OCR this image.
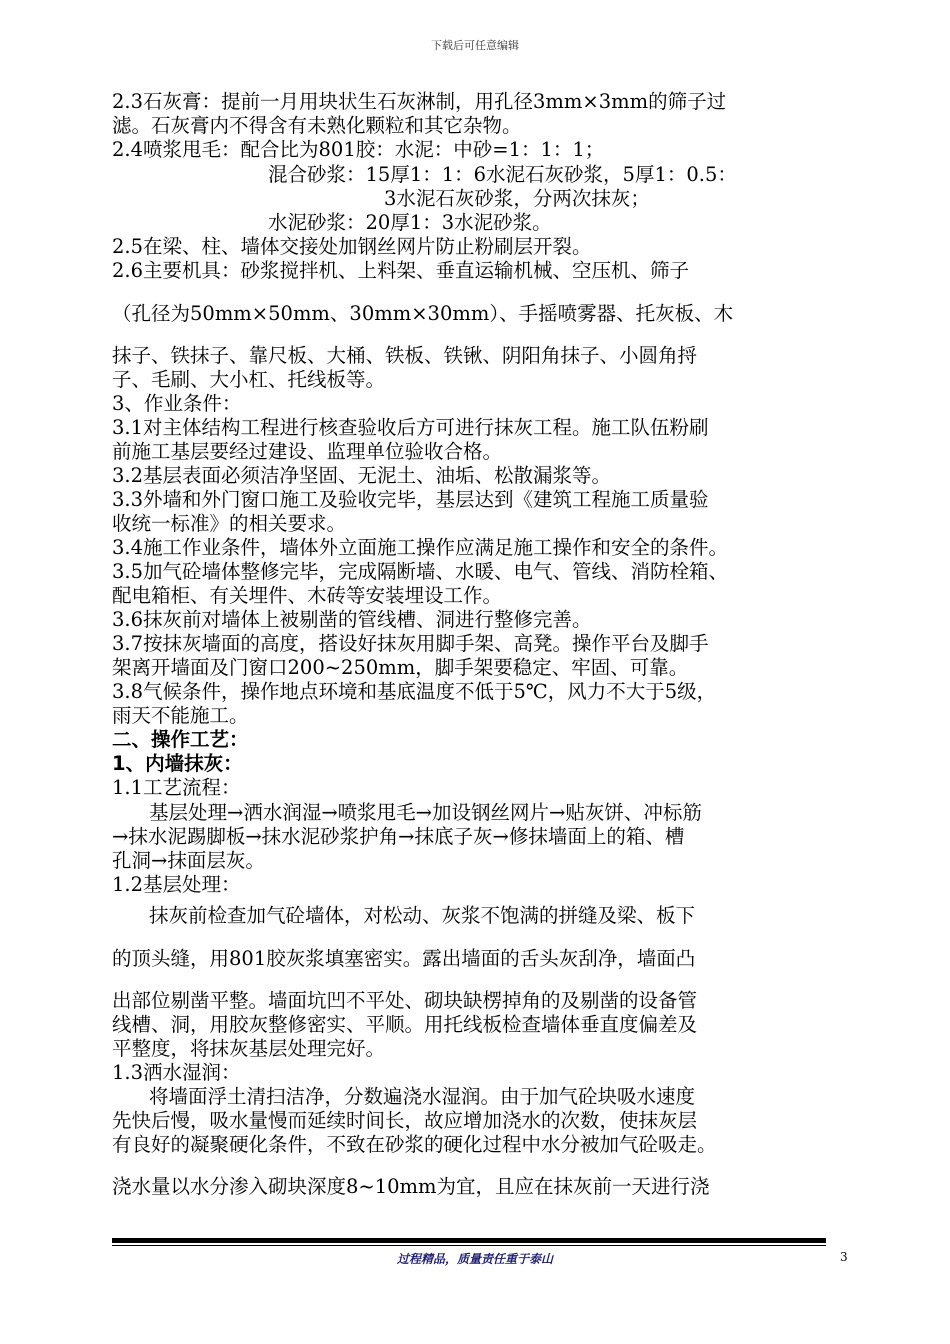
下载后可任意编辑
2.3石灰膏：提前一月用块状生石灰淋制，用孔径3mm×3mm的筛子过
滤。石灰膏内不得含有未熟化颗粒和其它杂物。
2.4喷浆甩毛：配合比为801胶：水泥：中砂=1：1：1；
混合砂浆：15厚1：1：6水泥石灰砂浆，5厚1：0.5：
3水泥石灰砂浆，分两次抹灰；
水泥砂浆：20厚1：3水泥砂浆。
2.5在梁、柱、墙体交接处加钢丝网片防止粉刷层开裂。
2.6主要机具：砂浆搅拌机、上料架、垂直运输机械、空压机、筛子
（孔径为50mm×50mm、30mm×30mm）、手摇喷雾器、托灰板、木
抹子、铁抹子、靠尺板、大桶、铁板、铁锹、阴阳角抹子、小圆角捋
子、毛刷、大小杠、托线板等。
3、作业条件：
3.1对主体结构工程进行核查验收后方可进行抹灰工程。施工队伍粉刷
前施工基层要经过建设、监理单位验收合格。
3.2基层表面必须洁净坚固、无泥土、油垢、松散漏浆等。
3.3外墙和外门窗口施工及验收完毕，基层达到《建筑工程施工质量验
收统一标准》的相关要求。
3.4施工作业条件，墙体外立面施工操作应满足施工操作和安全的条件。
3.5加气砼墙体整修完毕，完成隔断墙、水暖、电气、管线、消防栓箱、
配电箱柜、有关埋件、木砖等安装埋设工作。
3.6抹灰前对墙体上被剔凿的管线槽、洞进行整修完善。
3.7按抹灰墙面的高度，搭设好抹灰用脚手架、高凳。操作平台及脚手
架离开墙面及门窗口200~250mm，脚手架要稳定、牢固、可靠。
3.8气候条件，操作地点环境和基底温度不低于5℃，风力不大于5级，
雨天不能施工。
二、操作工艺：
1、内墙抹灰：
1.1工艺流程：
基层处理→洒水润湿→喷浆甩毛→加设钢丝网片→贴灰饼、冲标筋
→抹水泥踢脚板→抹水泥砂浆护角→抹底子灰→修抹墙面上的箱、槽
孔洞→抹面层灰。
1.2基层处理：
抹灰前检查加气砼墙体，对松动、灰浆不饱满的拼缝及梁、板下
的顶头缝，用801胶灰浆填塞密实。露出墙面的舌头灰刮净，墙面凸
出部位剔凿平整。墙面坑凹不平处、砌块缺楞掉角的及剔凿的设备管
线槽、洞，用胶灰整修密实、平顺。用托线板检查墙体垂直度偏差及
平整度，将抹灰基层处理完好。
1.3洒水湿润：
将墙面浮土清扫洁净，分数遍浇水湿润。由于加气砼块吸水速度
先快后慢，吸水量慢而延续时间长，故应增加浇水的次数，使抹灰层
有良好的凝聚硬化条件，不致在砂浆的硬化过程中水分被加气砼吸走。
浇水量以水分渗入砌块深度8~10mm为宜，且应在抹灰前一天进行浇
过程精品，质量责任重于泰山	3
